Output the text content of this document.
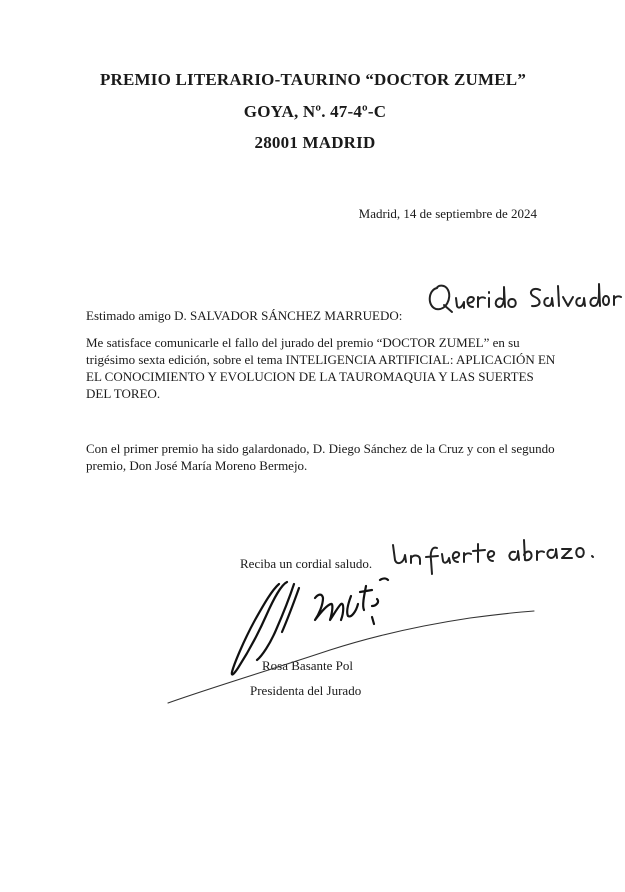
PREMIO LITERARIO-TAURINO “DOCTOR ZUMEL”
GOYA, Nº. 47-4º-C
28001 MADRID
Madrid, 14 de septiembre de 2024
Estimado amigo D. SALVADOR SÁNCHEZ MARRUEDO:
Me satisface comunicarle el fallo del jurado del premio “DOCTOR ZUMEL” en su trigésimo sexta edición, sobre el tema INTELIGENCIA ARTIFICIAL: APLICACIÓN EN EL CONOCIMIENTO Y EVOLUCION DE LA TAUROMAQUIA Y LAS SUERTES DEL TOREO.
Con el primer premio ha sido galardonado, D. Diego Sánchez de la Cruz y con el segundo premio, Don José María Moreno Bermejo.
Reciba un cordial saludo.
Rosa Basante Pol
Presidenta del Jurado
